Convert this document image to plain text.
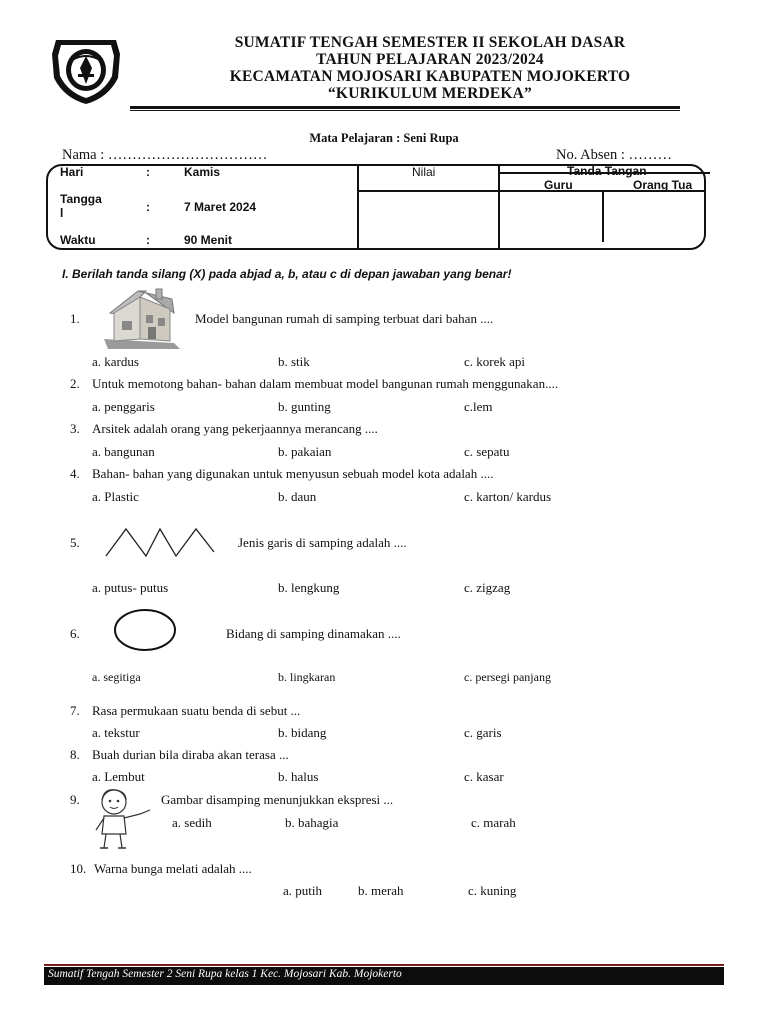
SUMATIF TENGAH SEMESTER II SEKOLAH DASAR
TAHUN PELAJARAN 2023/2024
KECAMATAN MOJOSARI KABUPATEN MOJOKERTO
“KURIKULUM MERDEKA”
Mata Pelajaran : Seni Rupa
Nama : ……………………………	No. Absen : ………
Hari	:	Kamis
Tangga
l	:	7 Maret 2024
Waktu	:	90 Menit
Nilai	Tanda Tangan
Guru	Orang Tua
I. Berilah tanda silang (X) pada abjad a, b, atau c di depan jawaban yang benar!
1.	Model bangunan rumah di samping terbuat dari bahan ....
a. kardus	b. stik	c. korek api
2. Untuk memotong bahan- bahan dalam membuat model bangunan rumah menggunakan....
a. penggaris	b. gunting	c.lem
3. Arsitek adalah orang yang pekerjaannya merancang ....
a. bangunan	b. pakaian	c. sepatu
4. Bahan- bahan yang digunakan untuk menyusun sebuah model kota adalah ....
a. Plastic	b. daun	c. karton/ kardus
5.	Jenis garis di samping adalah ....
a. putus- putus	b. lengkung	c. zigzag
6.	Bidang di samping dinamakan ....
a. segitiga	b. lingkaran	c. persegi panjang
7. Rasa permukaan suatu benda di sebut ...
a. tekstur	b. bidang	c. garis
8. Buah durian bila diraba akan terasa ...
a. Lembut	b. halus	c. kasar
9.	Gambar disamping menunjukkan ekspresi ...
a. sedih	b. bahagia	c. marah
10. Warna bunga melati adalah ....
a. putih	b. merah	c. kuning
Sumatif Tengah Semester 2 Seni Rupa kelas 1 Kec. Mojosari Kab. Mojokerto
